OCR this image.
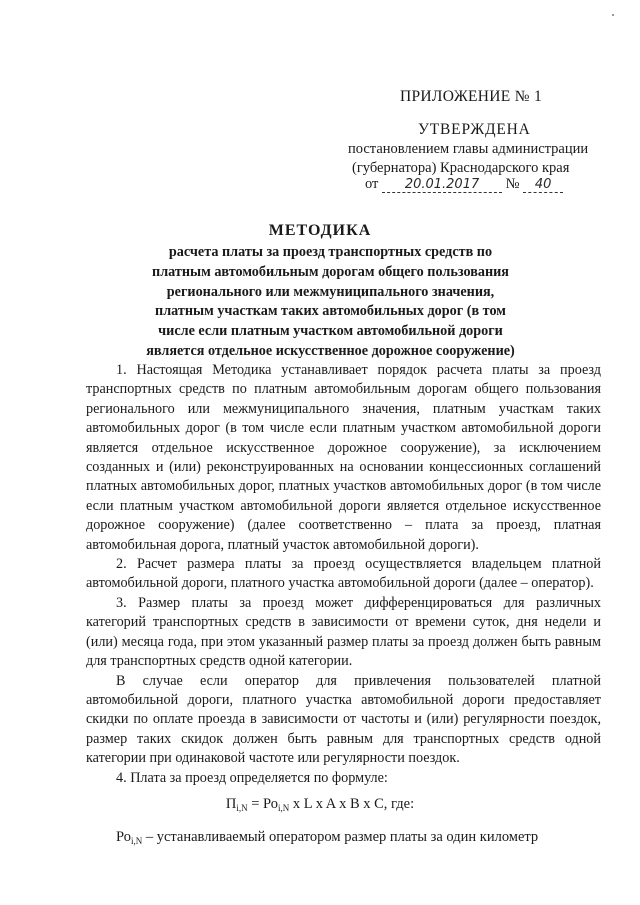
ПРИЛОЖЕНИЕ № 1
УТВЕРЖДЕНА
постановлением главы администрации
(губернатора) Краснодарского края
от 20.01.2017 № 40
МЕТОДИКА
расчета платы за проезд транспортных средств по
платным автомобильным дорогам общего пользования
регионального или межмуниципального значения,
платным участкам таких автомобильных дорог (в том
числе если платным участком автомобильной дороги
является отдельное искусственное дорожное сооружение)

1. Настоящая Методика устанавливает порядок расчета платы за проезд транспортных средств по платным автомобильным дорогам общего пользования регионального или межмуниципального значения, платным участкам таких автомобильных дорог (в том числе если платным участком автомобильной дороги является отдельное искусственное дорожное сооружение), за исключением созданных и (или) реконструированных на основании концессионных соглашений платных автомобильных дорог, платных участков автомобильных дорог (в том числе если платным участком автомобильной дороги является отдельное искусственное дорожное сооружение) (далее соответственно – плата за проезд, платная автомобильная дорога, платный участок автомобильной дороги).

2. Расчет размера платы за проезд осуществляется владельцем платной автомобильной дороги, платного участка автомобильной дороги (далее – оператор).

3. Размер платы за проезд может дифференцироваться для различных категорий транспортных средств в зависимости от времени суток, дня недели и (или) месяца года, при этом указанный размер платы за проезд должен быть равным для транспортных средств одной категории.

В случае если оператор для привлечения пользователей платной автомобильной дороги, платного участка автомобильной дороги предоставляет скидки по оплате проезда в зависимости от частоты и (или) регулярности поездок, размер таких скидок должен быть равным для транспортных средств одной категории при одинаковой частоте или регулярности поездок.

4. Плата за проезд определяется по формуле:

$П_{i,N} = Ро_{i,N}$ x L x A x B x C, где:
$Ро_{i,N}$ – устанавливаемый оператором размер платы за один километр
